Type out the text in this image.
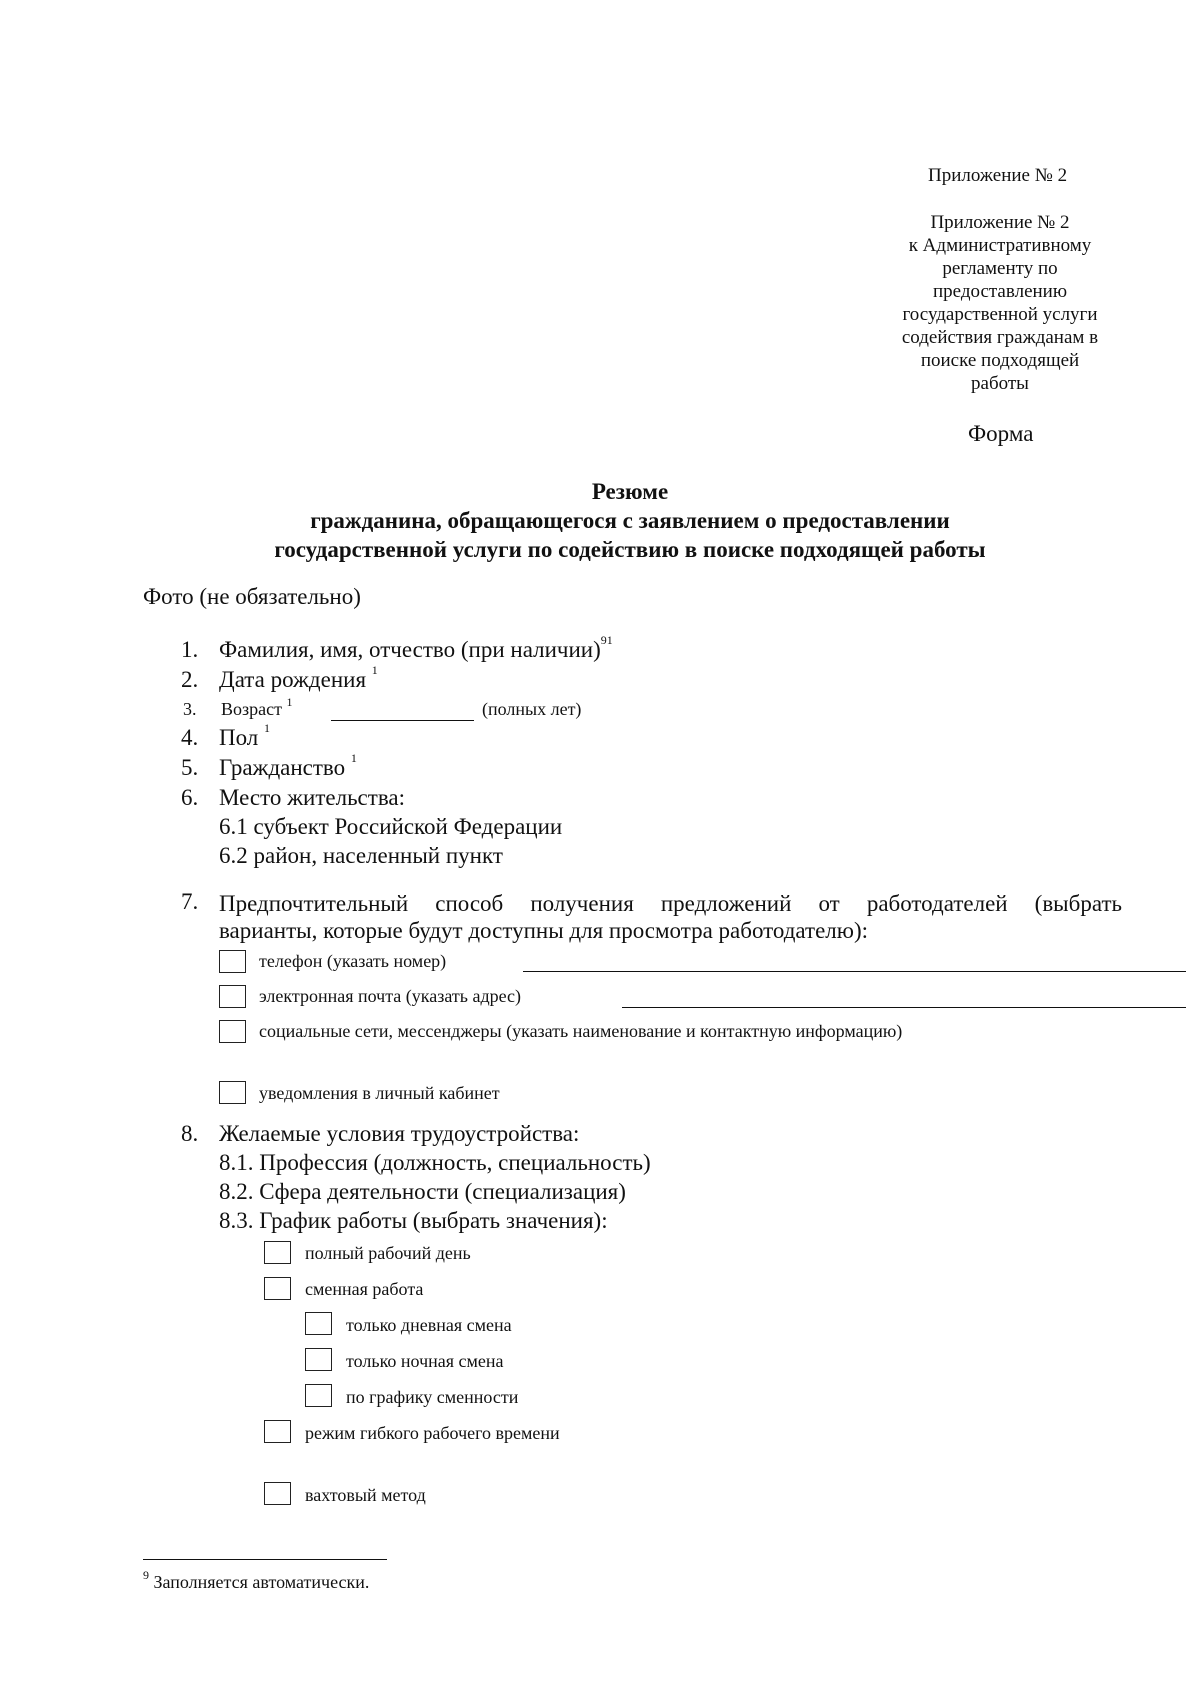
Приложение № 2
Приложение № 2
к Административному
регламенту по
предоставлению
государственной услуги
содействия гражданам в
поиске подходящей
работы
Форма
Резюме
гражданина, обращающегося с заявлением о предоставлении
государственной услуги по содействию в поиске подходящей работы
Фото (не обязательно)
1. Фамилия, имя, отчество (при наличии)$^{91}$
2. Дата рождения $^1$
3. Возраст $^1$	(полных лет)
4. Пол $^1$
5. Гражданство $^1$
6. Место жительства:
6.1 субъект Российской Федерации
6.2 район, населенный пункт
7. Предпочтительный способ получения предложений от работодателей (выбрать
варианты, которые будут доступны для просмотра работодателю):
телефон (указать номер)
электронная почта (указать адрес)
социальные сети, мессенджеры (указать наименование и контактную информацию)
уведомления в личный кабинет
8. Желаемые условия трудоустройства:
8.1. Профессия (должность, специальность)
8.2. Сфера деятельности (специализация)
8.3. График работы (выбрать значения):
полный рабочий день
сменная работа
только дневная смена
только ночная смена
по графику сменности
режим гибкого рабочего времени
вахтовый метод
$^9$ Заполняется автоматически.
